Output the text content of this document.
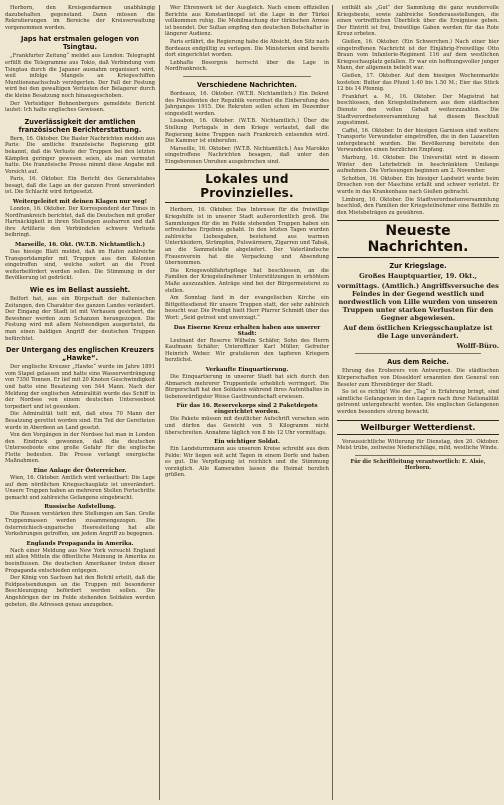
Herborn, den Kreisgendarmen unabhängig dazubehalten gegenstand. Dann müssen die Rekrutierungen im Bereiche der Kreisverwaltung vorgenommen werden.

Japs hat erstmalen gelogen von Tsingtau.

„Frankfurter Zeitung“ meldet aus London: Telegrapht erfüllt die Telegramme aus Tokio, daß Verbindung vom Tsingtau durch die Japaner ausnahm organisiert wird, weil infolge Mangels an Kriegsschiffen Munitionsnachschub verzögerten. Der Fall der Festung wird bei den gewaltigen Verlusten der Belagerer durch die kleine Besatzung noch hinausgeschoben.

Der Verteidiger Bohnenbergers gemeldete Bericht lautet: Ich halte englisches Gewissen.

Zuverlässigkeit der amtlichen französischen Berichterstattung.

Bern, 16. Oktober. Die Basler Nachrichten melden aus Paris: Die amtliche französische Regierung gibt bekannt, daß die Verluste der Truppen bei den letzten Kämpfen geringer gewesen seien, als man vermutet hatte. Die französische Presse nimmt diese Angabe mit Vorsicht auf.

Paris, 16. Oktober. Ein Bericht des Generalstabes besagt, daß die Lage an der ganzen Front unverändert ist. Die Schlacht wird fortgesetzt.

Weitergeleitet mit deinen Klagen nur weg!

London, 16. Oktober. Der Korrespondent der Times in Nordfrankreich berichtet, daß die Deutschen mit großer Hartnäckigkeit in ihren Stellungen ausharren und daß ihre Artillerie den Verbündeten schwere Verluste beibringt.

Marseille, 16. Okt. (W.T.B. Nichtamtlich.)

Das hiesige Blatt meldet, daß im Hafen zahlreiche Transportdampfer mit Truppen aus den Kolonien eingetroffen sind, welche sofort an die Front weiterbefördert werden sollen. Die Stimmung in der Bevölkerung ist gedrückt.

Wie es im Bellast aussieht.

Belfort hat, aus ein Bürgschaft der italienischen Zeitungen, den Charakter des ganzen Landes verändert. Der Eingang der Stadt ist mit Verhauen gesichert, die Bewohner werden zum Schanzen herangezogen. Die Festung wird mit allem Notwendigen ausgerüstet, da man einen baldigen Angriff der deutschen Truppen befürchtet.

Der Untergang des englischen Kreuzers „Hawke“.

Der englische Kreuzer „Hawke“ wurde im Jahre 1891 vom Stapel gelassen und hatte eine Wasserverdrängung von 7350 Tonnen. Er lief mit 20 Knoten Geschwindigkeit und hatte eine Besatzung von 544 Mann. Nach der Meldung der englischen Admiralität wurde das Schiff in der Nordsee von einem deutschen Unterseeboot torpediert und ist gesunken.

Die Admiralität teilt mit, daß etwa 70 Mann der Besatzung gerettet worden sind. Ein Teil der Geretteten wurde in Aberdeen an Land gesetzt.

Von den Vorgängen in der Nordsee hat man in London den Eindruck gewonnen, daß die deutschen Unterseeboote eine große Gefahr für die englische Flotte bedeuten. Die Presse verlangt energische Maßnahmen.

Eine Anlage der Österreicher.

Wien, 16. Oktober. Amtlich wird verlautbart: Die Lage auf dem nördlichen Kriegsschauplatz ist unverändert. Unsere Truppen haben an mehreren Stellen Fortschritte gemacht und zahlreiche Gefangene eingebracht.

Russische Aufstellung.

Die Russen verstärken ihre Stellungen am San. Große Truppenmassen werden zusammengezogen. Die österreichisch-ungarische Heeresleitung hat alle Vorkehrungen getroffen, um jedem Angriff zu begegnen.

Englands Propaganda in Amerika.

Nach einer Meldung aus New York versucht England mit allen Mitteln die öffentliche Meinung in Amerika zu beeinflussen. Die deutschen Amerikaner treten dieser Propaganda entschieden entgegen.

Der König von Sachsen hat den Befehl erteilt, daß die Feldpostsendungen an die Truppen mit besonderer Beschleunigung befördert werden sollen. Die Angehörigen der im Felde stehenden Soldaten werden gebeten, die Adressen genau anzugeben.

Wer Ehrenwerk ist der Ausgleich. Nach einem offiziellen Berichte aus Konstantinopel ist die Lage in der Türkei vollkommen ruhig. Die Mobilmachung der türkischen Armee ist beendet. Der Sultan empfing den deutschen Botschafter in längerer Audienz.

Paris erfährt, die Regierung habe die Absicht, den Sitz nach Bordeaux endgültig zu verlegen. Die Ministerien sind bereits dort eingerichtet worden.

Lebhafte Besorgnis herrscht über die Lage in Nordfrankreich.

Verschiedene Nachrichten.

Bordeaux, 16. Oktober. (W.T.B. Nichtamtlich.) Ein Dekret des Präsidenten der Republik verordnet die Einberufung des Jahrganges 1915. Die Rekruten sollen schon im Dezember eingestellt werden.

Lissabon, 16. Oktober. (W.T.B. Nichtamtlich.) Über die Stellung Portugals in dem Kriege verlautet, daß die Regierung keine Truppen nach Frankreich entsenden wird. Die Kammer ist einberufen.

Marseille, 16. Oktober. (W.T.B. Nichtamtlich.) Aus Marokko eingetroffene Nachrichten besagen, daß unter den Eingeborenen Unruhen ausgebrochen sind.

Lokales und Provinzielles.

Herborn, 16. Oktober. Das Interesse für die freiwillige Kriegshilfe ist in unserer Stadt außerordentlich groß. Die Sammlungen für die im Felde stehenden Truppen haben ein erfreuliches Ergebnis gehabt. In den letzten Tagen wurden zahlreiche Liebesgaben, bestehend aus warmen Unterkleidern, Strümpfen, Pulswärmern, Zigarren und Tabak, an die Sammelstelle abgeliefert. Der Vaterländische Frauenverein hat die Verpackung und Absendung übernommen.

Die Kriegswohlfahrtspflege hat beschlossen, an die Familien der Kriegsteilnehmer Unterstützungen in erhöhtem Maße auszuzahlen. Anträge sind bei der Bürgermeisterei zu stellen.

Am Sonntag fand in der evangelischen Kirche ein Bittgottesdienst für unsere Truppen statt, der sehr zahlreich besucht war. Die Predigt hielt Herr Pfarrer Schmidt über das Wort: „Seid getrost und unverzagt.“

Das Eiserne Kreuz erhalten haben aus unserer Stadt:

Leutnant der Reserve Wilhelm Schäfer, Sohn des Herrn Kaufmann Schäfer; Unteroffizier Karl Müller; Gefreiter Heinrich Weber. Wir gratulieren den tapferen Kriegern herzlichst.

Verkaufte Einquartierung.

Die Einquartierung in unserer Stadt hat sich durch den Abmarsch mehrerer Truppenteile erheblich verringert. Die Bürgerschaft hat den Soldaten während ihres Aufenthaltes in liebenswürdigster Weise Gastfreundschaft erwiesen.

Für das 16. Reservekorps sind 2 Paketdepots eingerichtet worden.

Die Pakete müssen mit deutlicher Aufschrift versehen sein und dürfen das Gewicht von 5 Kilogramm nicht überschreiten. Annahme täglich von 8 bis 12 Uhr vormittags.

Ein wichtiger Soldat.

Ein Landsturmmann aus unserem Kreise schreibt aus dem Felde: Wir liegen seit acht Tagen in einem Dorfe und haben es gut. Die Verpflegung ist reichlich und die Stimmung vorzüglich. Alle Kameraden lassen die Heimat herzlich grüßen.

enthält als „Gut“ der Sammlung die ganz wundervolle Kriegsbeute, sowie zahlreiche Sonderausstellungen, die einen vortrefflichen Überblick über die Ereignisse geben. Der Eintritt ist frei, freiwillige Gaben werden für das Rote Kreuz erbeten.

Gießen, 16. Oktober. (Ein Schwerchen.) Nach einer hier eingetroffenen Nachricht ist der Einjährig-Freiwillige Otto Braun vom Infanterie-Regiment 116 auf dem westlichen Kriegsschauplatz gefallen. Er war ein hoffnungsvoller junger Mann, der allgemein beliebt war.

Gießen, 17. Oktober. Auf dem hiesigen Wochenmarkte kosteten: Butter das Pfund 1.40 bis 1.50 M.; Eier das Stück 12 bis 14 Pfennig.

Frankfurt a. M., 16. Oktober. Der Magistrat hat beschlossen, den Kriegsteilnehmern aus dem städtischen Dienste den vollen Gehalt weiterzuzahlen. Die Stadtverordnetenversammlung hat diesem Beschluß zugestimmt.

Caffel, 16. Oktober. In der hiesigen Garnison sind weitere Transporte Verwundeter eingetroffen, die in den Lazaretten untergebracht wurden. Die Bevölkerung bereitete den Verwundeten einen herzlichen Empfang.

Marburg, 16. Oktober. Die Universität wird in diesem Winter den Lehrbetrieb in beschränktem Umfange aufnehmen. Die Vorlesungen beginnen am 2. November.

Schotten, 16. Oktober. Ein hiesiger Landwirt wurde beim Dreschen von der Maschine erfaßt und schwer verletzt. Er wurde in das Krankenhaus nach Gießen gebracht.

Limburg, 16. Oktober. Die Stadtverordnetenversammlung beschloß, den Familien der Kriegsteilnehmer eine Beihilfe zu den Mietsbeträgen zu gewähren.

Neueste Nachrichten.
Zur Kriegslage.
Großes Hauptquartier, 19. Okt.,
vormittags. (Amtlich.) Angriffsversuche des Feindes in der Gegend westlich und nordwestlich von Lille wurden von unseren Truppen unter starken Verlusten für den Gegner abgewiesen.
Auf dem östlichen Kriegsschauplatze ist die Lage unverändert.
Wolff-Büro.
Aus dem Reiche.

Ehrung des Eroberers von Antwerpen. Die städtischen Körperschaften von Düsseldorf ernannten den General von Beseler zum Ehrenbürger der Stadt.

So ist es richtig! Wie der „Tag“ in Erfahrung bringt, sind sämtliche Gefangenen in den Lagern nach ihrer Nationalität getrennt untergebracht worden. Die englischen Gefangenen werden besonders streng bewacht.

Weilburger Wetterdienst.

Voraussichtliche Witterung für Dienstag, den 20. Oktober. Meist trübe, zeitweise Niederschläge, mild, westliche Winde.

Für die Schriftleitung verantwortlich: E. Alsie, Herborn.
